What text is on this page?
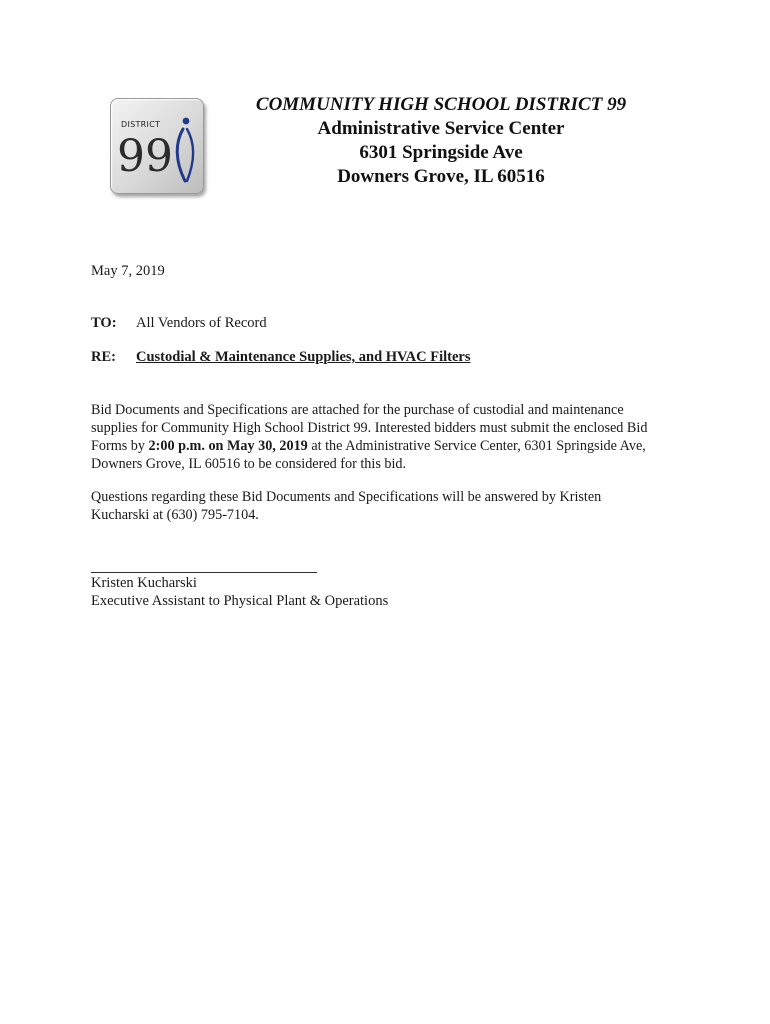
DISTRICT
99
COMMUNITY HIGH SCHOOL DISTRICT 99
Administrative Service Center
6301 Springside Ave
Downers Grove, IL 60516
May 7, 2019
TO: All Vendors of Record
RE: Custodial & Maintenance Supplies, and HVAC Filters
Bid Documents and Specifications are attached for the purchase of custodial and maintenance supplies for Community High School District 99. Interested bidders must submit the enclosed Bid Forms by 2:00 p.m. on May 30, 2019 at the Administrative Service Center, 6301 Springside Ave, Downers Grove, IL 60516 to be considered for this bid.
Questions regarding these Bid Documents and Specifications will be answered by Kristen Kucharski at (630) 795-7104.
Kristen Kucharski
Executive Assistant to Physical Plant & Operations
